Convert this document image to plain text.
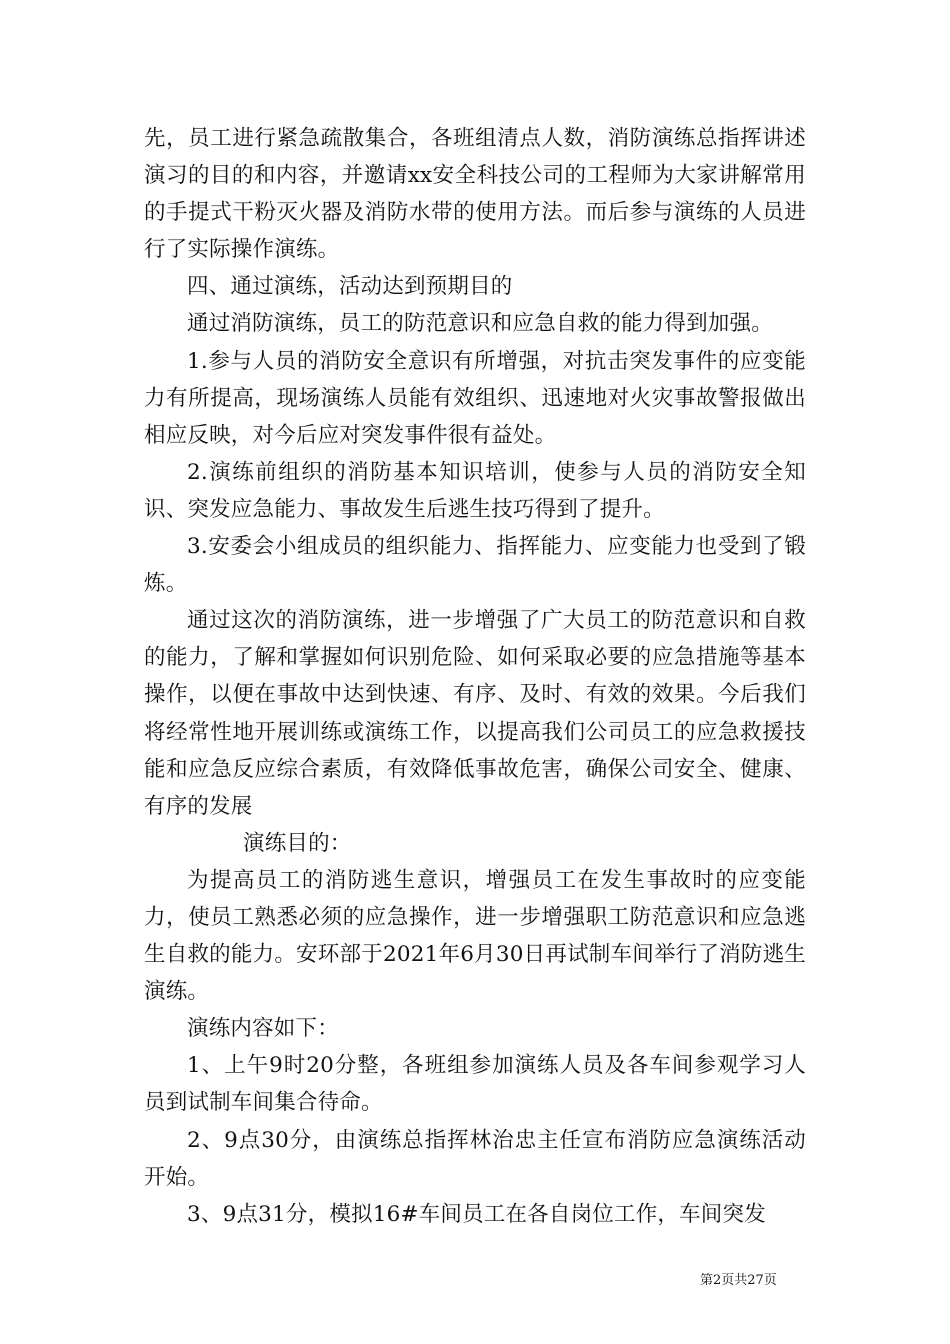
先，员工进行紧急疏散集合，各班组清点人数，消防演练总指挥讲述演习的目的和内容，并邀请xx安全科技公司的工程师为大家讲解常用的手提式干粉灭火器及消防水带的使用方法。而后参与演练的人员进行了实际操作演练。

四、通过演练，活动达到预期目的

通过消防演练，员工的防范意识和应急自救的能力得到加强。

1.参与人员的消防安全意识有所增强，对抗击突发事件的应变能力有所提高，现场演练人员能有效组织、迅速地对火灾事故警报做出相应反映，对今后应对突发事件很有益处。

2.演练前组织的消防基本知识培训，使参与人员的消防安全知识、突发应急能力、事故发生后逃生技巧得到了提升。

3.安委会小组成员的组织能力、指挥能力、应变能力也受到了锻炼。

通过这次的消防演练，进一步增强了广大员工的防范意识和自救的能力，了解和掌握如何识别危险、如何采取必要的应急措施等基本操作，以便在事故中达到快速、有序、及时、有效的效果。今后我们将经常性地开展训练或演练工作，以提高我们公司员工的应急救援技能和应急反应综合素质，有效降低事故危害，确保公司安全、健康、有序的发展

演练目的：

为提高员工的消防逃生意识，增强员工在发生事故时的应变能力，使员工熟悉必须的应急操作，进一步增强职工防范意识和应急逃生自救的能力。安环部于2021年6月30日再试制车间举行了消防逃生演练。

演练内容如下：

1、上午9时20分整，各班组参加演练人员及各车间参观学习人员到试制车间集合待命。

2、9点30分，由演练总指挥林治忠主任宣布消防应急演练活动开始。

3、9点31分，模拟16#车间员工在各自岗位工作，车间突发

第2页共27页
